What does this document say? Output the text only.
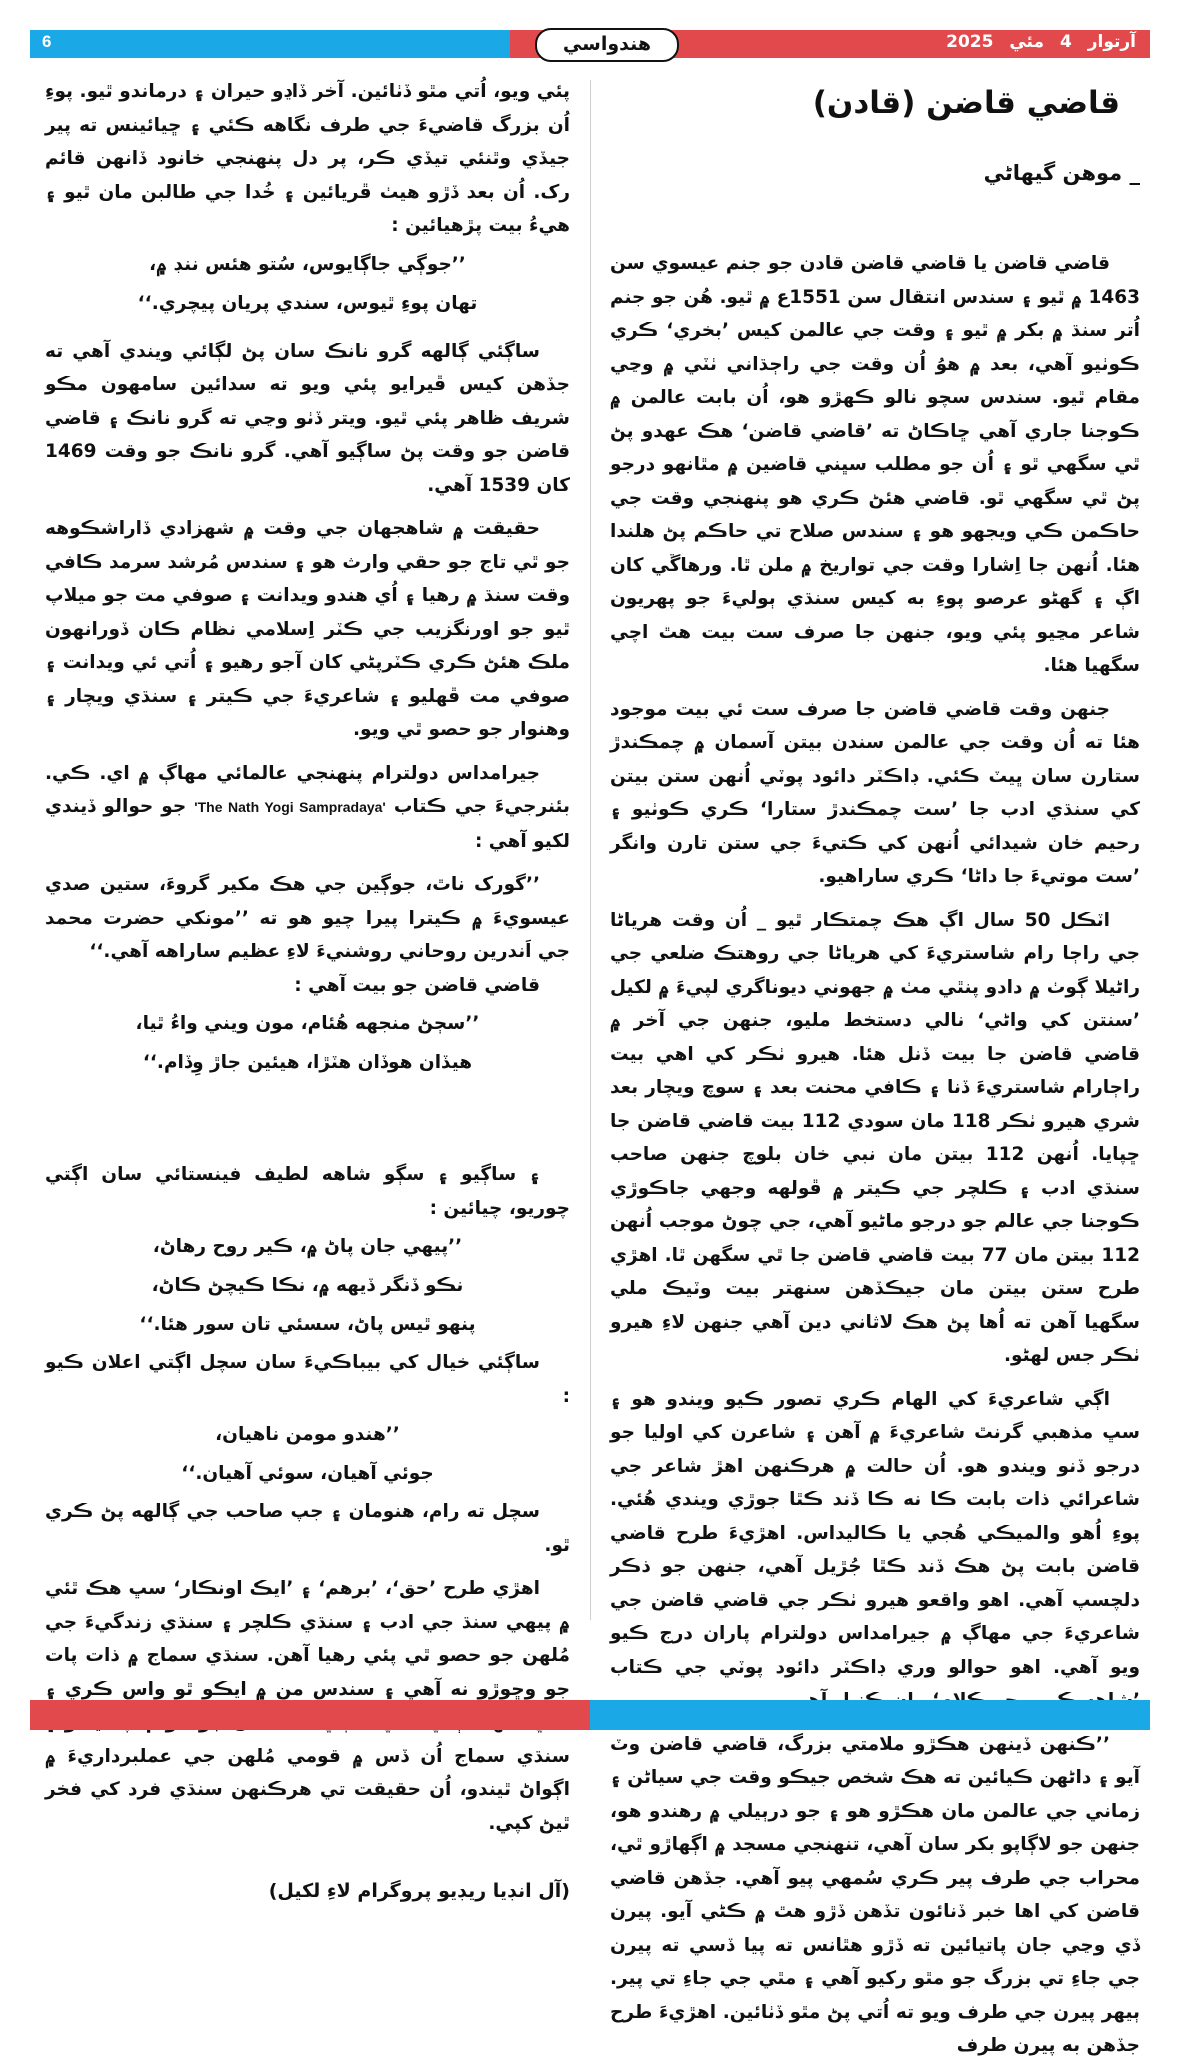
6	هندواسي	آرتوار 4 مئي 2025
قاضي قاضن (قادن)
_ موهن گيهاڻي

قاضي قاضن يا قاضي قاضن قادن جو جنم عيسوي سن 1463 ۾ ٿيو ۽ سندس انتقال سن 1551ع ۾ ٿيو. هُن جو جنم اُتر سنڌ ۾ بکر ۾ ٿيو ۽ وقت جي عالمن کيس ’بخري‘ ڪري ڪوٺيو آهي، بعد ۾ هوُ اُن وقت جي راڄڌاني ٺٽي ۾ وڃي مقام ٿيو. سندس سچو نالو ڪهڙو هو، اُن بابت عالمن ۾ ڪوجنا جاري آهي ڇاڪاڻ ته ’قاضي قاضن‘ هڪ عهدو پڻ ٿي سگهي ٿو ۽ اُن جو مطلب سڀني قاضين ۾ مٿانهو درجو پڻ ٿي سگهي ٿو. قاضي هئڻ ڪري هو پنهنجي وقت جي حاڪمن ڪي ويجهو هو ۽ سندس صلاح تي حاڪم پڻ هلندا هئا. اُنهن جا اِشارا وقت جي تواريخ ۾ ملن ٿا. ورهاڱي کان اڳ ۽ گهڻو عرصو پوءِ به کيس سنڌي ٻوليءَ جو پهريون شاعر مڃيو پئي ويو، جنهن جا صرف ست بيت هٿ اچي سگهيا هئا.

جنهن وقت قاضي قاضن جا صرف ست ئي بيت موجود هئا ته اُن وقت جي عالمن سندن بيتن آسمان ۾ چمڪندڙ ستارن سان ڀيٽ ڪئي. ڊاڪٽر دائود پوٽي اُنهن ستن بيتن کي سنڌي ادب جا ’ست چمڪندڙ ستارا‘ ڪري ڪوٺيو ۽ رحيم خان شيدائي اُنهن کي ڪتيءَ جي ستن تارن وانگر ’ست موتيءَ جا داڻا‘ ڪري ساراهيو.

اٽڪل 50 سال اڳ هڪ چمتڪار ٿيو _ اُن وقت هرياڻا جي راڄا رام شاستريءَ کي هرياڻا جي روهتڪ ضلعي جي راڻيلا ڳوٺ ۾ دادو پنٿي مٺ ۾ جهوني ديوناگري لپيءَ ۾ لکيل ’سنتن کي واڻي‘ نالي دستخط مليو، جنهن جي آخر ۾ قاضي قاضن جا بيت ڏنل هئا. هيرو ٺڪر کي اهي بيت راڄارام شاستريءَ ڏنا ۽ ڪافي محنت بعد ۽ سوچ ويچار بعد شري هيرو ٺڪر 118 مان سودي 112 بيت قاضي قاضن جا ڇپايا. اُنهن 112 بيتن مان نبي خان بلوچ جنهن صاحب سنڌي ادب ۽ ڪلچر جي ڪيتر ۾ ڦولهه وجهي جاڪوڙي ڪوجنا جي عالم جو درجو ماڻيو آهي، جي چوڻ موجب اُنهن 112 بيتن مان 77 بيت قاضي قاضن جا ٿي سگهن ٿا. اهڙي طرح ستن بيتن مان جيڪڏهن سنهتر بيت وٽيڪ ملي سگهيا آهن ته اُها پڻ هڪ لاثاني دين آهي جنهن لاءِ هيرو ٺڪر جس لهڻو.

اڳي شاعريءَ کي الهام ڪري تصور ڪيو ويندو هو ۽ سڀ مذهبي گرنٿ شاعريءَ ۾ آهن ۽ شاعرن کي اوليا جو درجو ڏنو ويندو هو. اُن حالت ۾ هرڪنهن اهڙ شاعر جي شاعرائي ذات بابت ڪا نه ڪا ڏند ڪٿا جوڙي ويندي هُئي. پوءِ اُهو والميڪي هُجي يا ڪاليداس. اهڙيءَ طرح قاضي قاضن بابت پڻ هڪ ڏند ڪٿا جُڙيل آهي، جنهن جو ذڪر دلچسپ آهي. اهو واقعو هيرو ٺڪر جي قاضي قاضن جي شاعريءَ جي مهاڳ ۾ جيرامداس دولترام پاران درج ڪيو ويو آهي. اهو حوالو وري ڊاڪٽر دائود پوٽي جي ڪتاب

’’ڪنهن ڏينهن هڪڙو ملامتي بزرگ، قاضي قاضن وٽ آيو ۽ داڻهن ڪيائين ته هڪ شخص جيڪو وقت جي سياڻن ۽ زماني جي عالمن مان هڪڙو هو ۽ جو درٻيلي ۾ رهندو هو، جنهن جو لاڳاپو بکر سان آهي، تنهنجي مسجد ۾ اڳهاڙو ٿي، محراب جي طرف پير ڪري سُمهي پيو آهي. جڏهن قاضي قاضن کي اها خبر ڏنائون تڏهن ڏڙو هٿ ۾ ڪڻي آيو. پيرن ڏي وڃي جان پاتيائين ته ڏڙو هٿانس ته پيا ڏسي ته پيرن جي جاءِ تي بزرگ جو مٿو رکيو آهي ۽ مٿي جي جاءِ تي پير. ٻيهر پيرن جي طرف ويو ته اُتي پڻ مٿو ڏٺائين. اهڙيءَ طرح جڏهن به پيرن طرف

پئي ويو، اُتي مٿو ڏٺائين. آخر ڏاڍو حيران ۽ درماندو ٿيو. پوءِ اُن بزرگ قاضيءَ جي طرف نگاهه ڪئي ۽ ڇيائينس ته پير جيڏي وٿنئي تيڏي ڪر، پر دل پنهنجي خانود ڏانهن قائم رک. اُن بعد ڏڙو هيٺ ڦريائين ۽ خُدا جي طالبن مان ٿيو ۽ هيءُ بيت پڙهيائين :

’’جوڳي جاڳايوس، سُتو هئس ننڊ ۾،
تهان پوءِ ٿيوس، سندي پريان پيچري.‘‘

ساڳئي ڳالهه گرو نانڪ سان پڻ لڳائي ويندي آهي ته جڏهن کيس ڦيرايو پئي ويو ته سدائين سامهون مڪو شريف ظاهر پئي ٿيو. ويتر ڏٺو وڃي ته گرو نانڪ ۽ قاضي قاضن جو وقت پڻ ساڳيو آهي. گرو نانڪ جو وقت 1469 کان 1539 آهي.

حقيقت ۾ شاهجهان جي وقت ۾ شهزادي ڏاراشڪوهه جو ٿي تاج جو حقي وارث هو ۽ سندس مُرشد سرمد ڪافي وقت سنڌ ۾ رهيا ۽ اُي هندو ويدانت ۽ صوفي مت جو ميلاپ ٿيو جو اورنگزيب جي ڪٽر اِسلامي نظام ڪان ڏورانهون ملڪ هئڻ ڪري ڪٽرپڻي کان آجو رهيو ۽ اُتي ئي ويدانت ۽ صوفي مت ڦهليو ۽ شاعريءَ جي ڪيتر ۽ سنڌي ويچار ۽ وهنوار جو حصو ٿي ويو.

جيرامداس دولترام پنهنجي عالمائي مهاڳ ۾ اي. ڪي. بئنرجيءَ جي ڪتاب 'The Nath Yogi Sampradaya' جو حوالو ڏيندي لکيو آهي :

’’گورک ناٿ، جوڳين جي هڪ مکير گروءَ، ستين صدي عيسويءَ ۾ ڪيترا پيرا چيو هو ته ’’مونکي حضرت محمد جي اَندرين روحاني روشنيءَ لاءِ عظيم ساراهه آهي.‘‘

قاضي قاضن جو بيت آهي :

’’سڄڻ منجهه هُئام، مون ويني واءُ ٿيا،
هيڏان هوڏان هٽڙا، هيئين جاڙ وِڏام.‘‘

۽ ساڳيو ۽ سڳو شاهه لطيف فينستائي سان اڳتي چوريو، چيائين :

’’پيهي جان پاڻ ۾، ڪير روح رهاڻ،
نڪو ڏنگر ڏيهه ۾، نڪا ڪيچڻ ڪاڻ،
پنهو ٿيس پاڻ، سسئي تان سور هئا.‘‘

ساڳئي خيال کي بيباڪيءَ سان سچل اڳتي اعلان ڪيو :

’’هندو مومن ناهيان،
جوئي آهيان، سوئي آهيان.‘‘

سچل ته رام، هنومان ۽ جپ صاحب جي ڳالهه پڻ ڪري ٿو.

اهڙي طرح ’حق‘، ’برهم‘ ۽ ’ايڪ اونڪار‘ سڀ هڪ ٿئي ۾ پيهي سنڌ جي ادب ۽ سنڌي ڪلچر ۽ سنڌي زندگيءَ جي مُلهن جو حصو ٿي پئي رهيا آهن. سنڌي سماج ۾ ذات پات جو وڇوڙو نه آهي ۽ سندس من ۾ ايڪو ٿو واس ڪري ۽ سنڌي سماج اُن ڏس ۾ قومي مُلهن جي عملبرداريءَ ۾ اڳواڻ ٿيندو، اُن حقيقت تي هرڪنهن سنڌي فرد کي فخر ٿيڻ کپي.

(آل انڊيا ريڊيو پروگرام لاءِ لکيل)
